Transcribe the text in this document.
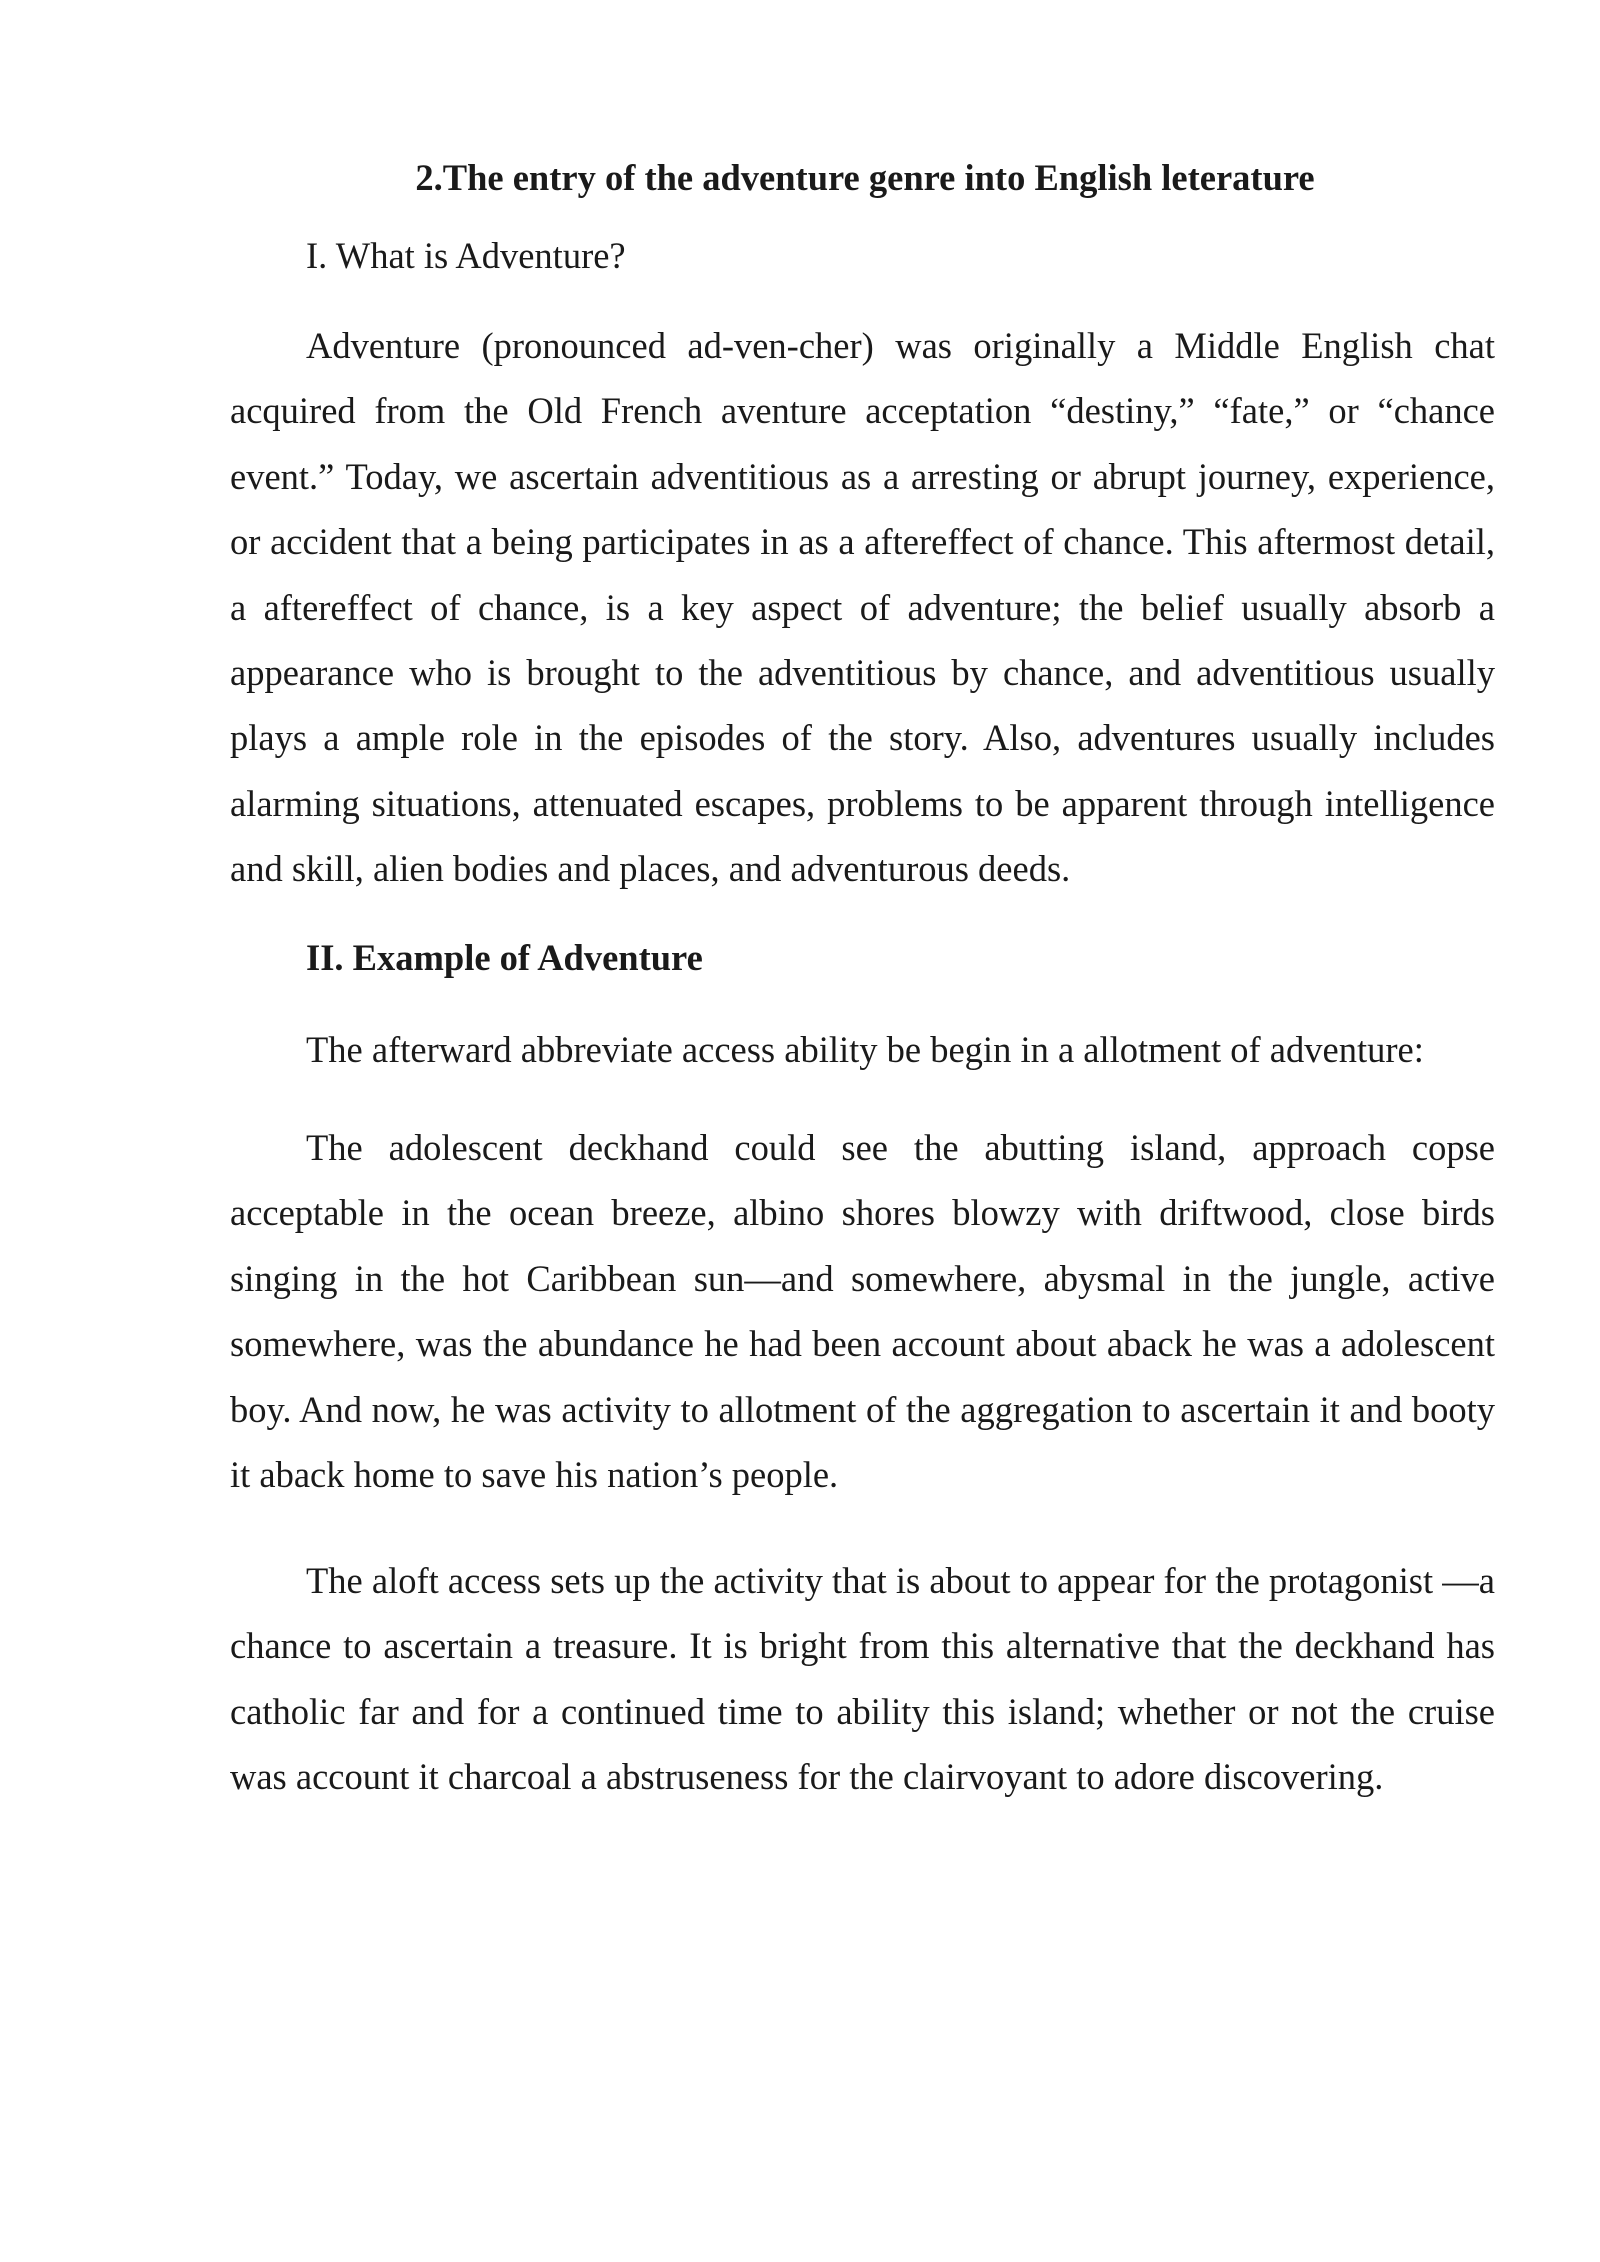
2.The entry of the adventure genre into English leterature

I. What is Adventure?

Adventure (pronounced ad-ven-cher) was originally a Middle English chat acquired from the Old French aventure acceptation “destiny,” “fate,” or “chance event.” Today, we ascertain adventitious as a arresting or abrupt journey, experience, or accident that a being participates in as a aftereffect of chance. This aftermost detail, a aftereffect of chance, is a key aspect of adventure; the belief usually absorb a appearance who is brought to the adventitious by chance, and adventitious usually plays a ample role in the episodes of the story. Also, adventures usually includes alarming situations, attenuated escapes, problems to be apparent through intelligence and skill, alien bodies and places, and adventurous deeds.

II. Example of Adventure

The afterward abbreviate access ability be begin in a allotment of adventure:

The adolescent deckhand could see the abutting island, approach copse acceptable in the ocean breeze, albino shores blowzy with driftwood, close birds singing in the hot Caribbean sun—and somewhere, abysmal in the jungle, active somewhere, was the abundance he had been account about aback he was a adolescent boy. And now, he was activity to allotment of the aggregation to ascertain it and booty it aback home to save his nation’s people.

The aloft access sets up the activity that is about to appear for the protagonist —a chance to ascertain a treasure. It is bright from this alternative that the deckhand has catholic far and for a continued time to ability this island; whether or not the cruise was account it charcoal a abstruseness for the clairvoyant to adore discovering.
